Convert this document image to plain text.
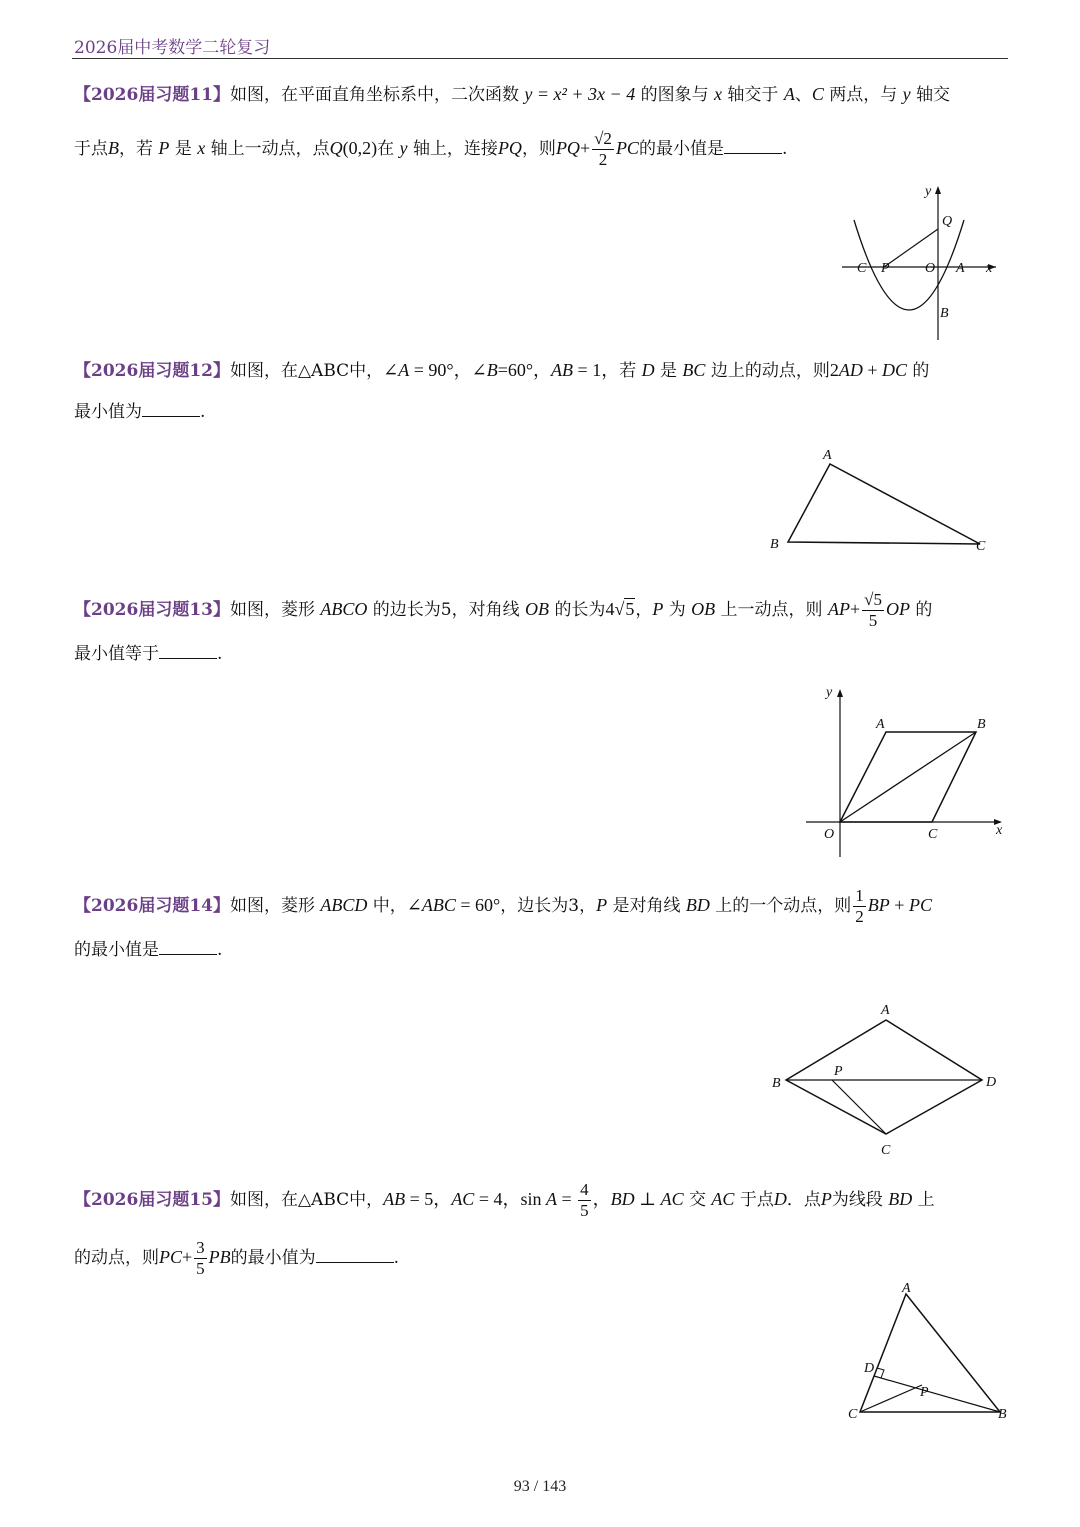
2026届中考数学二轮复习
【2026届习题11】如图，在平面直角坐标系中，二次函数 y = x² + 3x − 4 的图象与 x 轴交于 A、C 两点，与 y 轴交
于点B，若 P 是 x 轴上一动点，点Q(0,2)在 y 轴上，连接PQ，则$PQ+ \frac{√2}{2}$ PC的最小值是	.
y
Q
C P	O A x
B
【2026届习题12】如图，在△ABC中，∠A = 90°，∠B=60°，AB = 1，若 D 是 BC 边上的动点，则2AD + DC 的
最小值为	.
A
B	C
【2026届习题13】如图，菱形 ABCO 的边长为5，对角线 OB 的长为4√5，P 为 OB 上一动点，则 $AP+ \frac{√5}{5}$ OP 的
最小值等于	.
y
A	B
O	C	x
【2026届习题14】如图，菱形 ABCD 中，∠ABC = 60°，边长为3，P 是对角线 BD 上的一个动点，则 $\frac{1}{2}$ BP + PC
的最小值是	.
A
B
P
D
C
【2026届习题15】如图，在△ABC中，AB = 5，AC = 4，$\sin A = \frac{4}{5}$ ，BD ⊥ AC 交 AC 于点D．点P为线段 BD 上
的动点，则$PC+ \frac{3}{5}$ PB的最小值为	.
A
D
P
C	B
93 / 143
